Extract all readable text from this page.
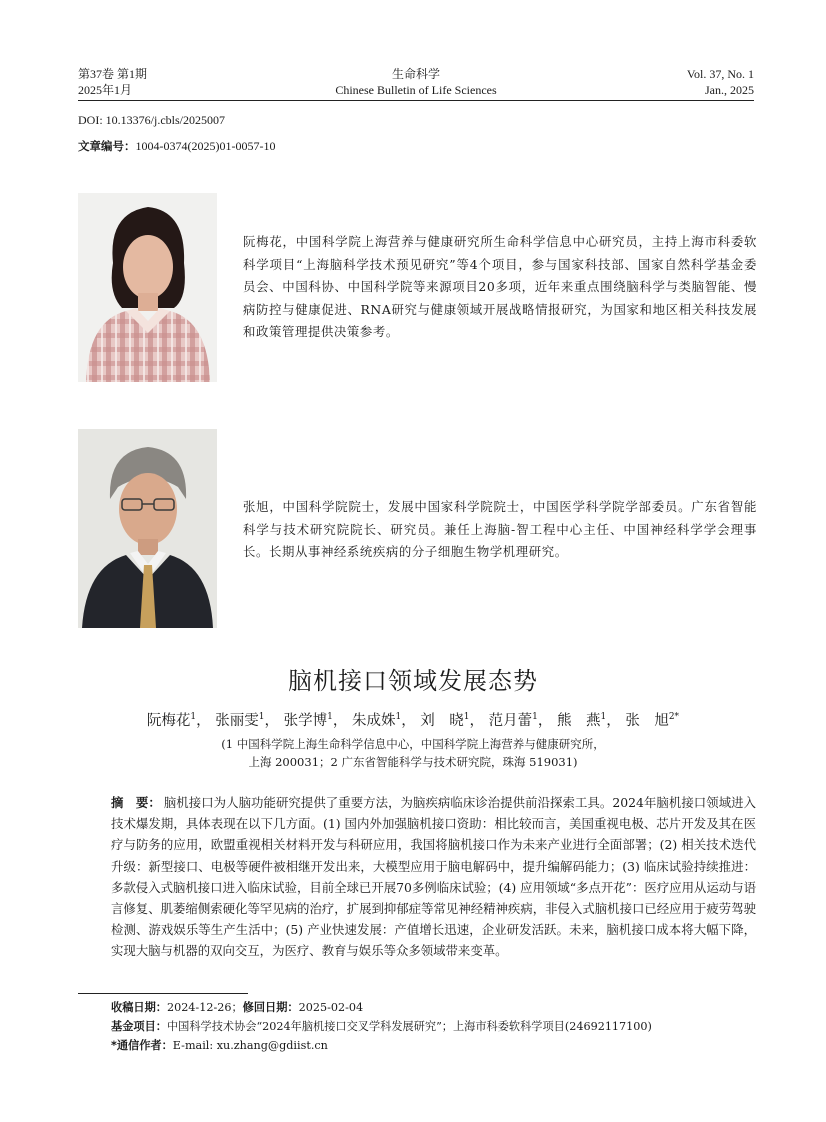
第37卷 第1期
2025年1月
生命科学
Chinese Bulletin of Life Sciences
Vol. 37, No. 1
Jan., 2025
DOI: 10.13376/j.cbls/2025007
文章编号：1004-0374(2025)01-0057-10
阮梅花，中国科学院上海营养与健康研究所生命科学信息中心研究员，主持上海市科委软科学项目“上海脑科学技术预见研究”等4个项目，参与国家科技部、国家自然科学基金委员会、中国科协、中国科学院等来源项目20多项，近年来重点围绕脑科学与类脑智能、慢病防控与健康促进、RNA研究与健康领域开展战略情报研究，为国家和地区相关科技发展和政策管理提供决策参考。
张旭，中国科学院院士，发展中国家科学院院士，中国医学科学院学部委员。广东省智能科学与技术研究院院长、研究员。兼任上海脑-智工程中心主任、中国神经科学学会理事长。长期从事神经系统疾病的分子细胞生物学机理研究。
脑机接口领域发展态势
阮梅花$^1$， 张丽雯$^1$， 张学博$^1$， 朱成姝$^1$， 刘　晓$^1$， 范月蕾$^1$， 熊　燕$^1$， 张　旭$^{2*}$
(1 中国科学院上海生命科学信息中心，中国科学院上海营养与健康研究所，
上海 200031；2 广东省智能科学与技术研究院，珠海 519031)
摘　要： 脑机接口为人脑功能研究提供了重要方法，为脑疾病临床诊治提供前沿探索工具。2024年脑机接口领域进入技术爆发期，具体表现在以下几方面。(1) 国内外加强脑机接口资助：相比较而言，美国重视电极、芯片开发及其在医疗与防务的应用，欧盟重视相关材料开发与科研应用，我国将脑机接口作为未来产业进行全面部署；(2) 相关技术迭代升级：新型接口、电极等硬件被相继开发出来，大模型应用于脑电解码中，提升编解码能力；(3) 临床试验持续推进：多款侵入式脑机接口进入临床试验，目前全球已开展70多例临床试验；(4) 应用领域“多点开花”：医疗应用从运动与语言修复、肌萎缩侧索硬化等罕见病的治疗，扩展到抑郁症等常见神经精神疾病，非侵入式脑机接口已经应用于疲劳驾驶检测、游戏娱乐等生产生活中；(5) 产业快速发展：产值增长迅速，企业研发活跃。未来，脑机接口成本将大幅下降，实现大脑与机器的双向交互，为医疗、教育与娱乐等众多领域带来变革。
收稿日期：2024-12-26；修回日期：2025-02-04
基金项目：中国科学技术协会“2024年脑机接口交叉学科发展研究”；上海市科委软科学项目(24692117100)
*通信作者：E-mail: xu.zhang@gdiist.cn
